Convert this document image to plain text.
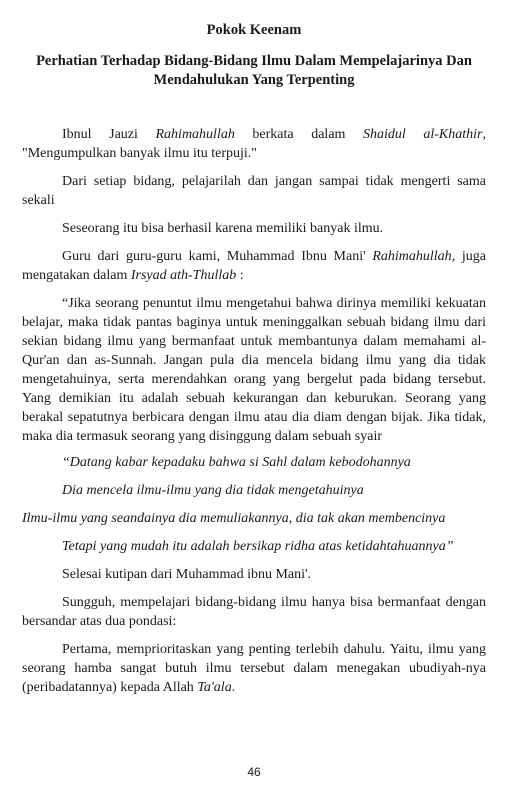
Pokok Keenam
Perhatian Terhadap Bidang-Bidang Ilmu Dalam Mempelajarinya Dan Mendahulukan Yang Terpenting

Ibnul Jauzi Rahimahullah berkata dalam Shaidul al-Khathir, "Mengumpulkan banyak ilmu itu terpuji."

Dari setiap bidang, pelajarilah dan jangan sampai tidak mengerti sama sekali

Seseorang itu bisa berhasil karena memiliki banyak ilmu.

Guru dari guru-guru kami, Muhammad Ibnu Mani' Rahimahullah, juga mengatakan dalam Irsyad ath-Thullab :

“Jika seorang penuntut ilmu mengetahui bahwa dirinya memiliki kekuatan belajar, maka tidak pantas baginya untuk meninggalkan sebuah bidang ilmu dari sekian bidang ilmu yang bermanfaat untuk membantunya dalam memahami al-Qur'an dan as-Sunnah. Jangan pula dia mencela bidang ilmu yang dia tidak mengetahuinya, serta merendahkan orang yang bergelut pada bidang tersebut. Yang demikian itu adalah sebuah kekurangan dan keburukan. Seorang yang berakal sepatutnya berbicara dengan ilmu atau dia diam dengan bijak. Jika tidak, maka dia termasuk seorang yang disinggung dalam sebuah syair

“Datang kabar kepadaku bahwa si Sahl dalam kebodohannya

Dia mencela ilmu-ilmu yang dia tidak mengetahuinya

Ilmu-ilmu yang seandainya dia memuliakannya, dia tak akan membencinya

Tetapi yang mudah itu adalah bersikap ridha atas ketidahtahuannya”

Selesai kutipan dari Muhammad ibnu Mani'.

Sungguh, mempelajari bidang-bidang ilmu hanya bisa bermanfaat dengan bersandar atas dua pondasi:

Pertama, memprioritaskan yang penting terlebih dahulu. Yaitu, ilmu yang seorang hamba sangat butuh ilmu tersebut dalam menegakan ubudiyah-nya (peribadatannya) kepada Allah Ta'ala.

46
